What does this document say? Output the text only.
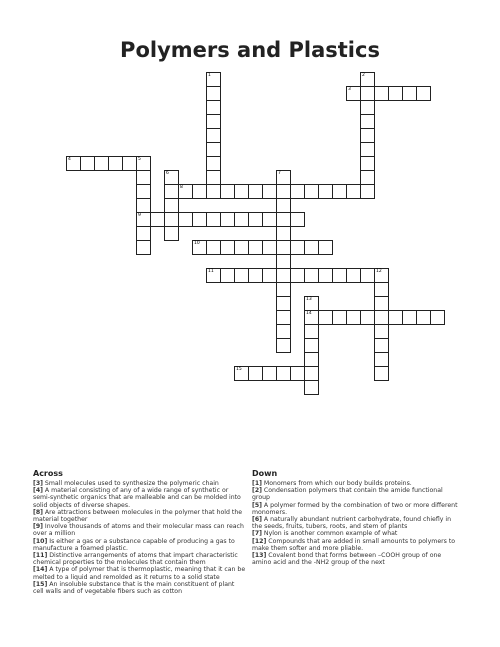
Polymers and Plastics
3
4	5
8
9
10
11
14
15
1	2
6	7
12
13
Across
[3] Small molecules used to synthesize the polymeric chain
[4] A material consisting of any of a wide range of synthetic or semi-synthetic organics that are malleable and can be molded into solid objects of diverse shapes.
[8] Are attractions between molecules in the polymer that hold the material together
[9] Involve thousands of atoms and their molecular mass can reach over a million
[10] Is either a gas or a substance capable of producing a gas to manufacture a foamed plastic.
[11] Distinctive arrangements of atoms that impart characteristic chemical properties to the molecules that contain them
[14] A type of polymer that is thermoplastic, meaning that it can be melted to a liquid and remolded as it returns to a solid state
[15] An insoluble substance that is the main constituent of plant cell walls and of vegetable fibers such as cotton
Down
[1] Monomers from which our body builds proteins.
[2] Condensation polymers that contain the amide functional group
[5] A polymer formed by the combination of two or more different monomers.
[6] A naturally abundant nutrient carbohydrate, found chiefly in the seeds, fruits, tubers, roots, and stem of plants
[7] Nylon is another common example of what
[12] Compounds that are added in small amounts to polymers to make them softer and more pliable.
[13] Covalent bond that forms between –COOH group of one amino acid and the -NH2 group of the next
